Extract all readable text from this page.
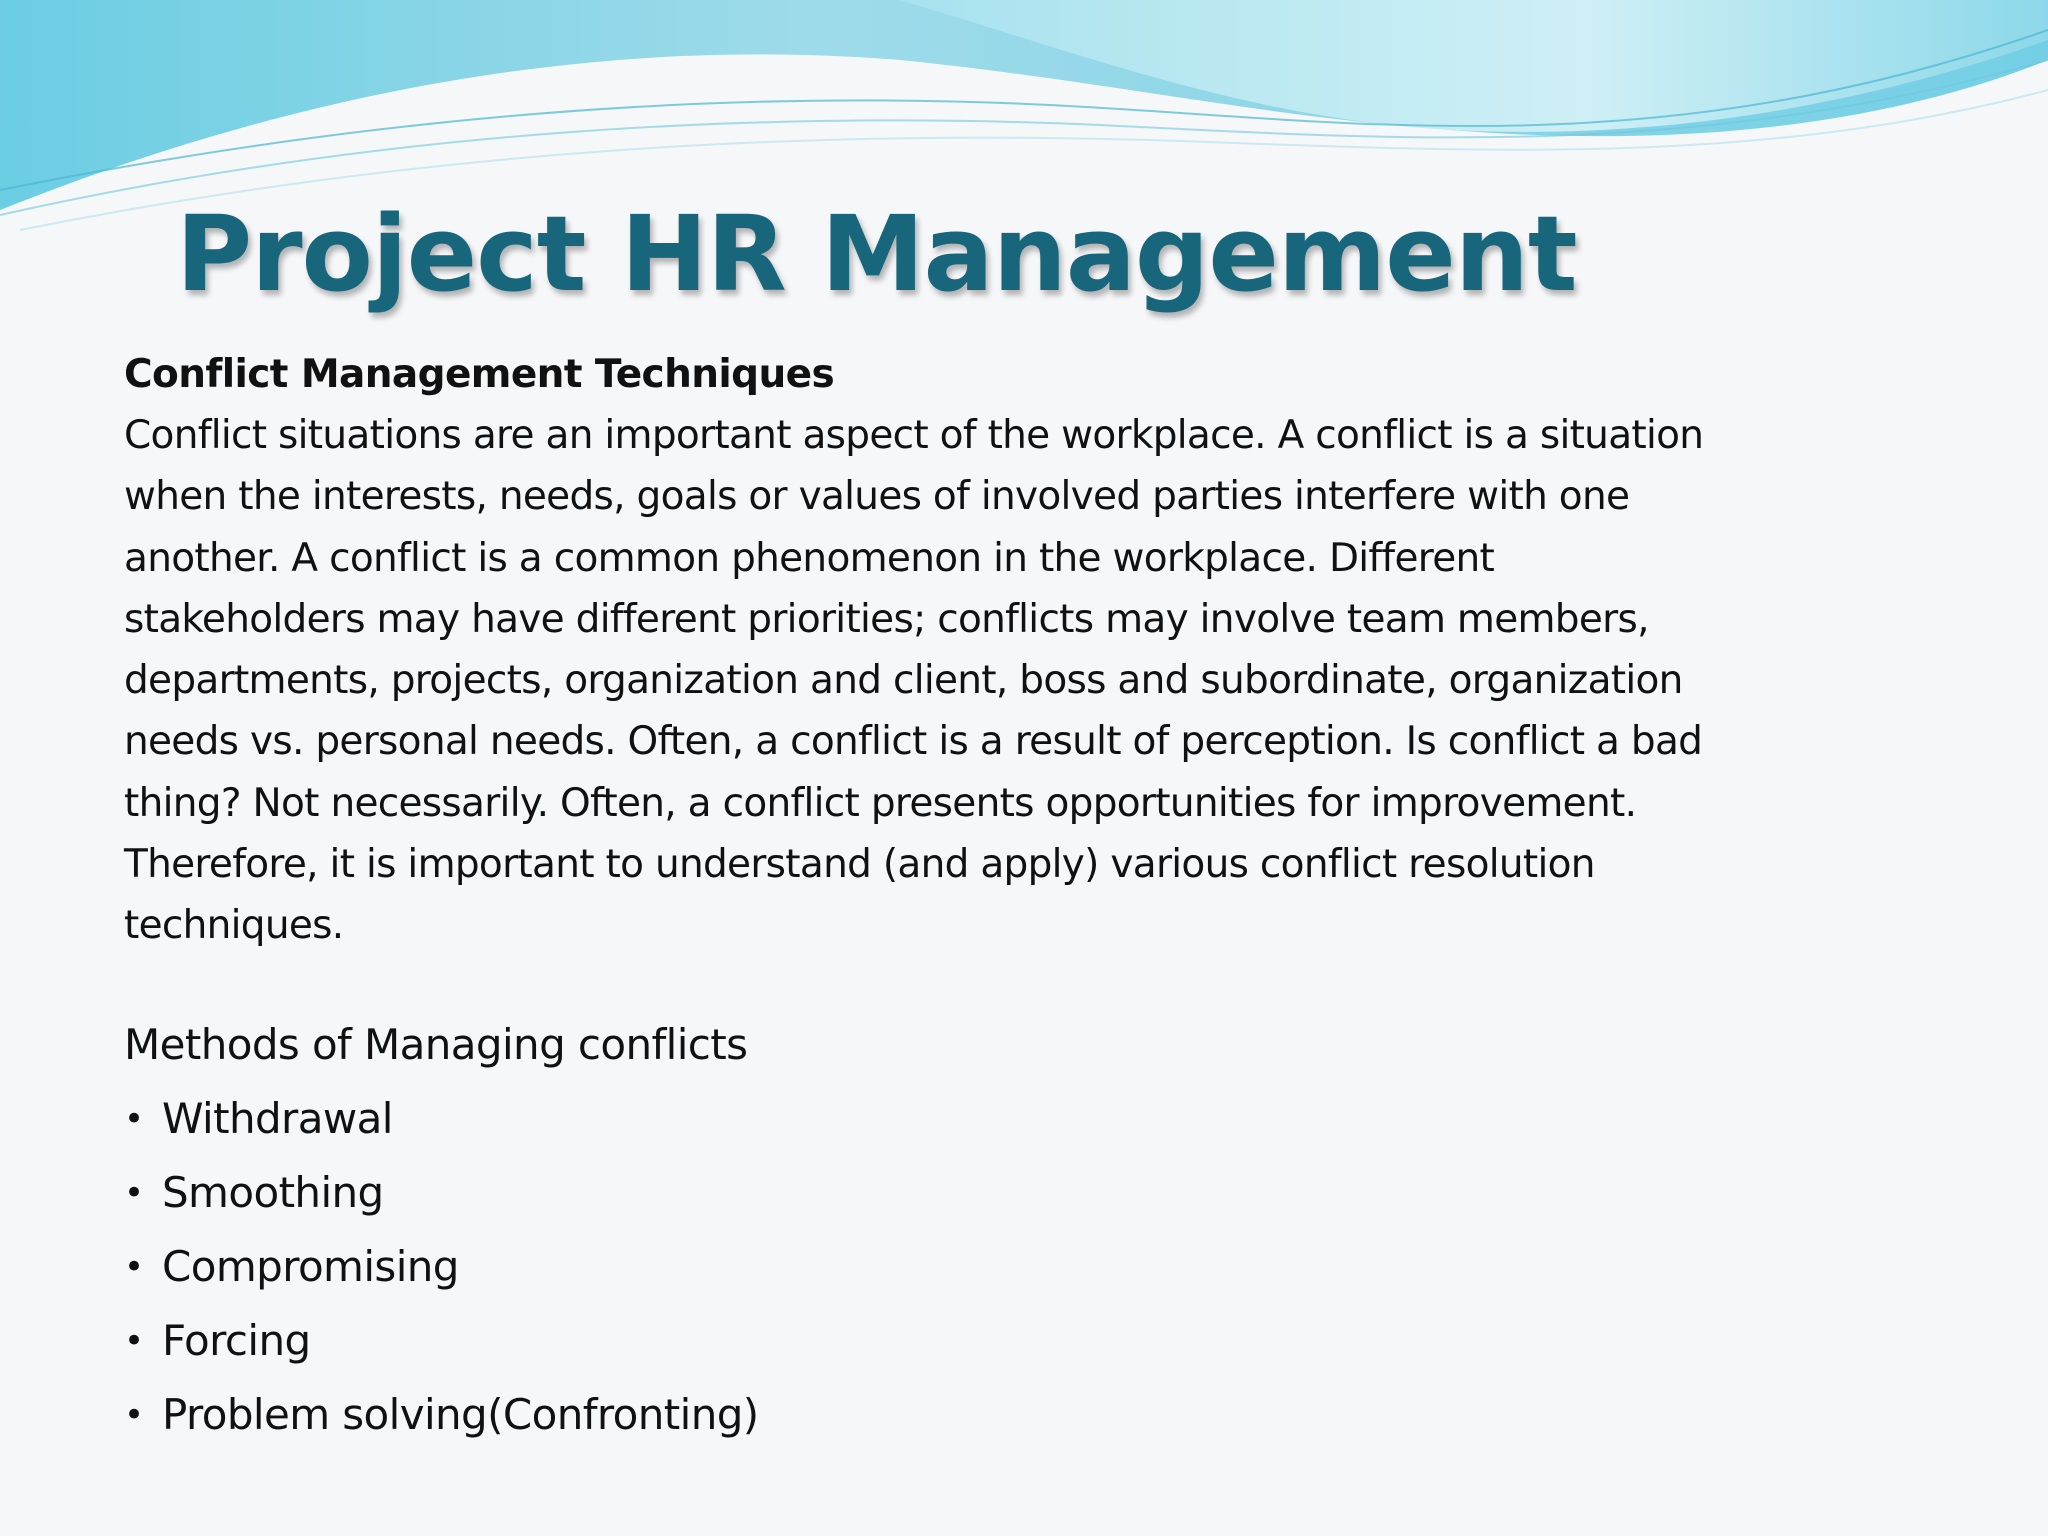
Project HR Management

Conflict Management Techniques

Conflict situations are an important aspect of the workplace. A conflict is a situation
when the interests, needs, goals or values of involved parties interfere with one
another. A conflict is a common phenomenon in the workplace. Different
stakeholders may have different priorities; conflicts may involve team members,
departments, projects, organization and client, boss and subordinate, organization
needs vs. personal needs. Often, a conflict is a result of perception. Is conflict a bad
thing? Not necessarily. Often, a conflict presents opportunities for improvement.
Therefore, it is important to understand (and apply) various conflict resolution
techniques.

Methods of Managing conflicts

• Withdrawal
• Smoothing
• Compromising
• Forcing
• Problem solving(Confronting)
